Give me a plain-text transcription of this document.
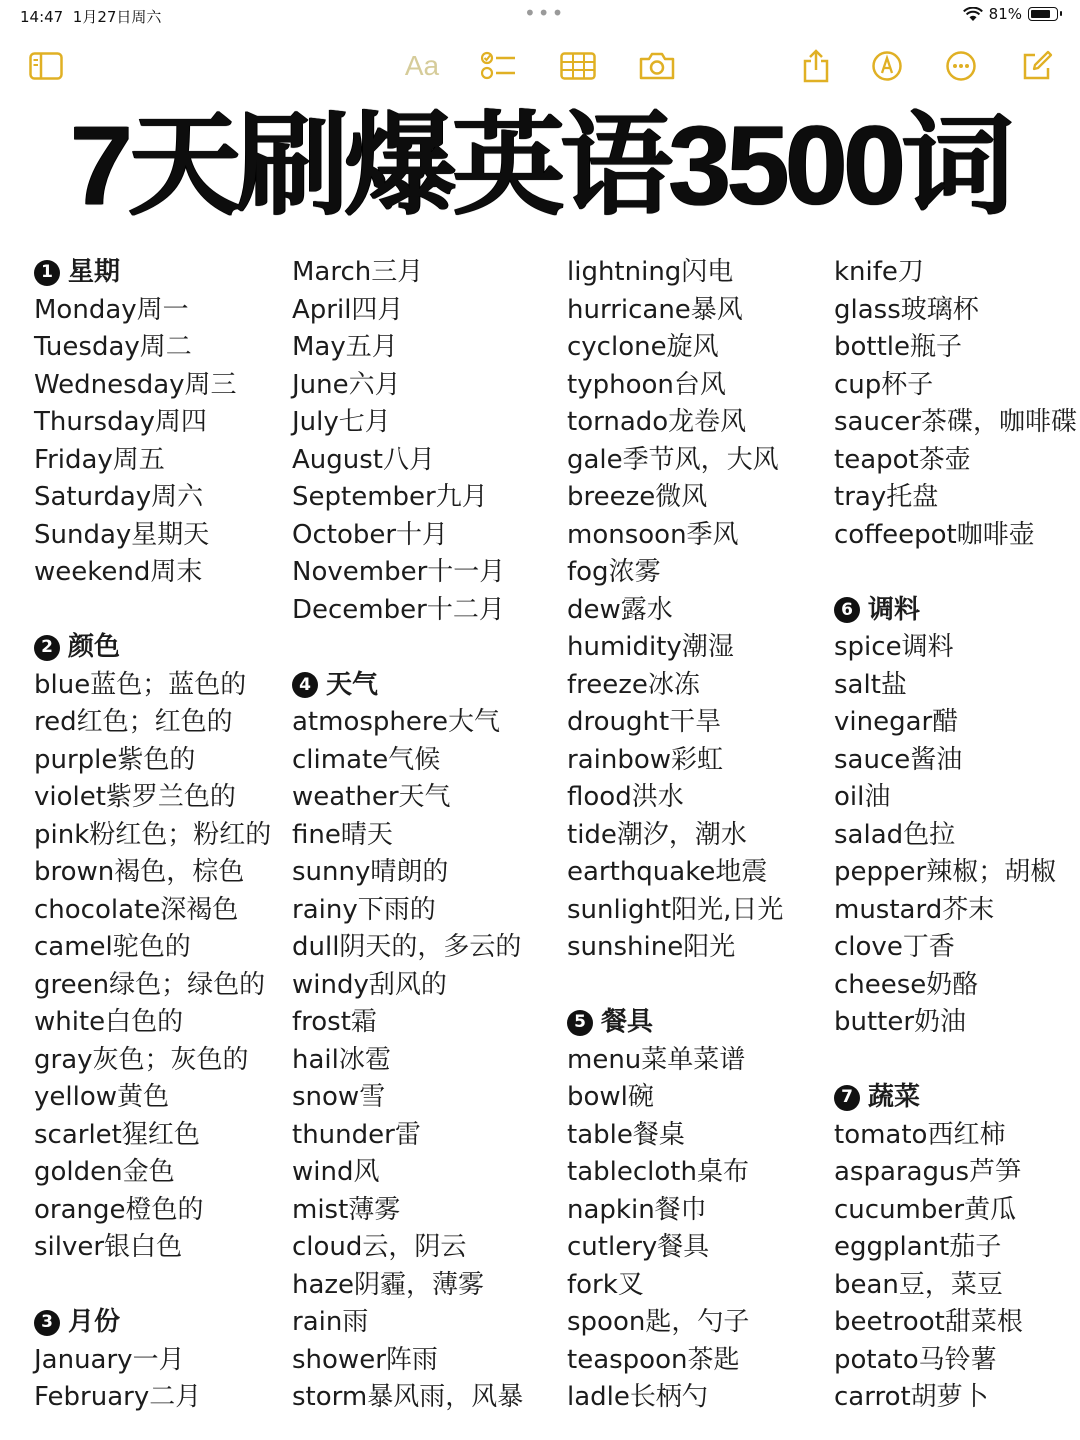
14:47 1月27日周六	•••	81%
Aa
7天刷爆英语3500词
1 星期
Monday周一
Tuesday周二
Wednesday周三
Thursday周四
Friday周五
Saturday周六
Sunday星期天
weekend周末
2 颜色
blue蓝色；蓝色的
red红色；红色的
purple紫色的
violet紫罗兰色的
pink粉红色；粉红的
brown褐色，棕色
chocolate深褐色
camel驼色的
green绿色；绿色的
white白色的
gray灰色；灰色的
yellow黄色
scarlet猩红色
golden金色
orange橙色的
silver银白色
3 月份
January一月
February二月
March三月
April四月
May五月
June六月
July七月
August八月
September九月
October十月
November十一月
December十二月
4 天气
atmosphere大气
climate气候
weather天气
fine晴天
sunny晴朗的
rainy下雨的
dull阴天的，多云的
windy刮风的
frost霜
hail冰雹
snow雪
thunder雷
wind风
mist薄雾
cloud云，阴云
haze阴霾，薄雾
rain雨
shower阵雨
storm暴风雨，风暴
lightning闪电
hurricane暴风
cyclone旋风
typhoon台风
tornado龙卷风
gale季节风，大风
breeze微风
monsoon季风
fog浓雾
dew露水
humidity潮湿
freeze冰冻
drought干旱
rainbow彩虹
flood洪水
tide潮汐，潮水
earthquake地震
sunlight阳光,日光
sunshine阳光
5 餐具
menu菜单菜谱
bowl碗
table餐桌
tablecloth桌布
napkin餐巾
cutlery餐具
fork叉
spoon匙，勺子
teaspoon茶匙
ladle长柄勺
knife刀
glass玻璃杯
bottle瓶子
cup杯子
saucer茶碟，咖啡碟
teapot茶壶
tray托盘
coffeepot咖啡壶
6 调料
spice调料
salt盐
vinegar醋
sauce酱油
oil油
salad色拉
pepper辣椒；胡椒
mustard芥末
clove丁香
cheese奶酪
butter奶油
7 蔬菜
tomato西红柿
asparagus芦笋
cucumber黄瓜
eggplant茄子
bean豆，菜豆
beetroot甜菜根
potato马铃薯
carrot胡萝卜
